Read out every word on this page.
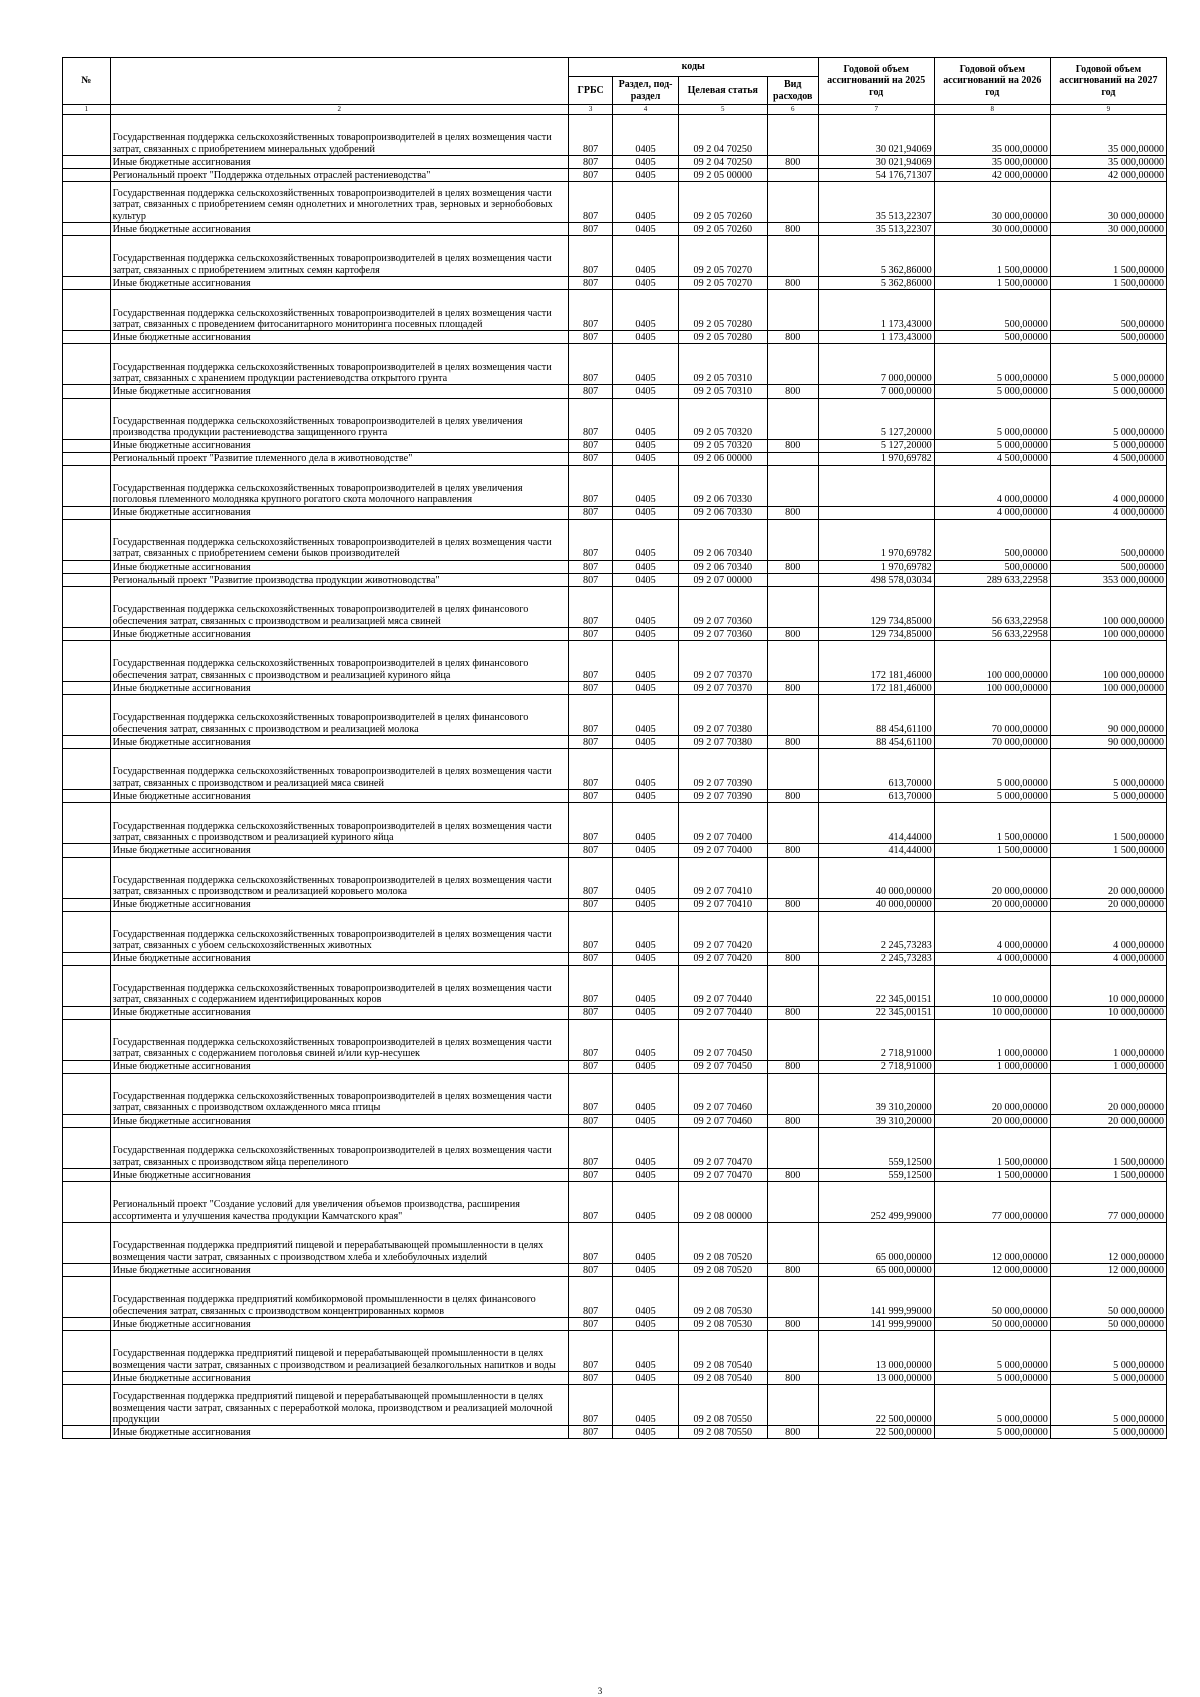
№		коды				Годовой объем ассигнований на 2025 год	Годовой объем ассигнований на 2026 год	Годовой объем ассигнований на 2027 год
		ГРБС	Раздел, под-раздел	Целевая статья	Вид расходов			
1	2	3	4	5	6	7	8	9
	Государственная поддержка сельскохозяйственных товаропроизводителей в целях возмещения части затрат, связанных с приобретением минеральных удобрений	807	0405	09 2 04 70250		30 021,94069	35 000,00000	35 000,00000
	Иные бюджетные ассигнования	807	0405	09 2 04 70250	800	30 021,94069	35 000,00000	35 000,00000
	Региональный проект "Поддержка отдельных отраслей растениеводства"	807	0405	09 2 05 00000		54 176,71307	42 000,00000	42 000,00000
	Государственная поддержка сельскохозяйственных товаропроизводителей в целях возмещения части затрат, связанных с приобретением семян однолетних и многолетних трав, зерновых и зернобобовых культур	807	0405	09 2 05 70260		35 513,22307	30 000,00000	30 000,00000
	Иные бюджетные ассигнования	807	0405	09 2 05 70260	800	35 513,22307	30 000,00000	30 000,00000
	Государственная поддержка сельскохозяйственных товаропроизводителей в целях возмещения части затрат, связанных с приобретением элитных семян картофеля	807	0405	09 2 05 70270		5 362,86000	1 500,00000	1 500,00000
	Иные бюджетные ассигнования	807	0405	09 2 05 70270	800	5 362,86000	1 500,00000	1 500,00000
	Государственная поддержка сельскохозяйственных товаропроизводителей в целях возмещения части затрат, связанных с проведением фитосанитарного мониторинга посевных площадей	807	0405	09 2 05 70280		1 173,43000	500,00000	500,00000
	Иные бюджетные ассигнования	807	0405	09 2 05 70280	800	1 173,43000	500,00000	500,00000
	Государственная поддержка сельскохозяйственных товаропроизводителей в целях возмещения части затрат, связанных с хранением продукции растениеводства открытого грунта	807	0405	09 2 05 70310		7 000,00000	5 000,00000	5 000,00000
	Иные бюджетные ассигнования	807	0405	09 2 05 70310	800	7 000,00000	5 000,00000	5 000,00000
	Государственная поддержка сельскохозяйственных товаропроизводителей в целях увеличения производства продукции растениеводства защищенного грунта	807	0405	09 2 05 70320		5 127,20000	5 000,00000	5 000,00000
	Иные бюджетные ассигнования	807	0405	09 2 05 70320	800	5 127,20000	5 000,00000	5 000,00000
	Региональный проект "Развитие племенного дела в животноводстве"	807	0405	09 2 06 00000		1 970,69782	4 500,00000	4 500,00000
	Государственная поддержка сельскохозяйственных товаропроизводителей в целях увеличения поголовья племенного молодняка крупного рогатого скота молочного направления	807	0405	09 2 06 70330			4 000,00000	4 000,00000
	Иные бюджетные ассигнования	807	0405	09 2 06 70330	800		4 000,00000	4 000,00000
	Государственная поддержка сельскохозяйственных товаропроизводителей в целях возмещения части затрат, связанных с приобретением семени быков производителей	807	0405	09 2 06 70340		1 970,69782	500,00000	500,00000
	Иные бюджетные ассигнования	807	0405	09 2 06 70340	800	1 970,69782	500,00000	500,00000
	Региональный проект "Развитие производства продукции животноводства"	807	0405	09 2 07 00000		498 578,03034	289 633,22958	353 000,00000
	Государственная поддержка сельскохозяйственных товаропроизводителей в целях финансового обеспечения затрат, связанных с производством и реализацией мяса свиней	807	0405	09 2 07 70360		129 734,85000	56 633,22958	100 000,00000
	Иные бюджетные ассигнования	807	0405	09 2 07 70360	800	129 734,85000	56 633,22958	100 000,00000
	Государственная поддержка сельскохозяйственных товаропроизводителей в целях финансового обеспечения затрат, связанных с производством и реализацией куриного яйца	807	0405	09 2 07 70370		172 181,46000	100 000,00000	100 000,00000
	Иные бюджетные ассигнования	807	0405	09 2 07 70370	800	172 181,46000	100 000,00000	100 000,00000
	Государственная поддержка сельскохозяйственных товаропроизводителей в целях финансового обеспечения затрат, связанных с производством и реализацией молока	807	0405	09 2 07 70380		88 454,61100	70 000,00000	90 000,00000
	Иные бюджетные ассигнования	807	0405	09 2 07 70380	800	88 454,61100	70 000,00000	90 000,00000
	Государственная поддержка сельскохозяйственных товаропроизводителей в целях возмещения части затрат, связанных с производством и реализацией мяса свиней	807	0405	09 2 07 70390		613,70000	5 000,00000	5 000,00000
	Иные бюджетные ассигнования	807	0405	09 2 07 70390	800	613,70000	5 000,00000	5 000,00000
	Государственная поддержка сельскохозяйственных товаропроизводителей в целях возмещения части затрат, связанных с производством и реализацией куриного яйца	807	0405	09 2 07 70400		414,44000	1 500,00000	1 500,00000
	Иные бюджетные ассигнования	807	0405	09 2 07 70400	800	414,44000	1 500,00000	1 500,00000
	Государственная поддержка сельскохозяйственных товаропроизводителей в целях возмещения части затрат, связанных с производством и реализацией коровьего молока	807	0405	09 2 07 70410		40 000,00000	20 000,00000	20 000,00000
	Иные бюджетные ассигнования	807	0405	09 2 07 70410	800	40 000,00000	20 000,00000	20 000,00000
	Государственная поддержка сельскохозяйственных товаропроизводителей в целях возмещения части затрат, связанных с убоем сельскохозяйственных животных	807	0405	09 2 07 70420		2 245,73283	4 000,00000	4 000,00000
	Иные бюджетные ассигнования	807	0405	09 2 07 70420	800	2 245,73283	4 000,00000	4 000,00000
	Государственная поддержка сельскохозяйственных товаропроизводителей в целях возмещения части затрат, связанных с содержанием идентифицированных коров	807	0405	09 2 07 70440		22 345,00151	10 000,00000	10 000,00000
	Иные бюджетные ассигнования	807	0405	09 2 07 70440	800	22 345,00151	10 000,00000	10 000,00000
	Государственная поддержка сельскохозяйственных товаропроизводителей в целях возмещения части затрат, связанных с содержанием поголовья свиней и/или кур-несушек	807	0405	09 2 07 70450		2 718,91000	1 000,00000	1 000,00000
	Иные бюджетные ассигнования	807	0405	09 2 07 70450	800	2 718,91000	1 000,00000	1 000,00000
	Государственная поддержка сельскохозяйственных товаропроизводителей в целях возмещения части затрат, связанных с производством охлажденного мяса птицы	807	0405	09 2 07 70460		39 310,20000	20 000,00000	20 000,00000
	Иные бюджетные ассигнования	807	0405	09 2 07 70460	800	39 310,20000	20 000,00000	20 000,00000
	Государственная поддержка сельскохозяйственных товаропроизводителей в целях возмещения части затрат, связанных с производством яйца перепелиного	807	0405	09 2 07 70470		559,12500	1 500,00000	1 500,00000
	Иные бюджетные ассигнования	807	0405	09 2 07 70470	800	559,12500	1 500,00000	1 500,00000
	Региональный проект "Создание условий для увеличения объемов производства, расширения ассортимента и улучшения качества продукции Камчатского края"	807	0405	09 2 08 00000		252 499,99000	77 000,00000	77 000,00000
	Государственная поддержка предприятий пищевой и перерабатывающей промышленности в целях возмещения части затрат, связанных с производством хлеба и хлебобулочных изделий	807	0405	09 2 08 70520		65 000,00000	12 000,00000	12 000,00000
	Иные бюджетные ассигнования	807	0405	09 2 08 70520	800	65 000,00000	12 000,00000	12 000,00000
	Государственная поддержка предприятий комбикормовой промышленности в целях финансового обеспечения затрат, связанных с производством концентрированных кормов	807	0405	09 2 08 70530		141 999,99000	50 000,00000	50 000,00000
	Иные бюджетные ассигнования	807	0405	09 2 08 70530	800	141 999,99000	50 000,00000	50 000,00000
	Государственная поддержка предприятий пищевой и перерабатывающей промышленности в целях возмещения части затрат, связанных с производством и реализацией безалкогольных напитков и воды	807	0405	09 2 08 70540		13 000,00000	5 000,00000	5 000,00000
	Иные бюджетные ассигнования	807	0405	09 2 08 70540	800	13 000,00000	5 000,00000	5 000,00000
	Государственная поддержка предприятий пищевой и перерабатывающей промышленности в целях возмещения части затрат, связанных с переработкой молока, производством и реализацией молочной продукции	807	0405	09 2 08 70550		22 500,00000	5 000,00000	5 000,00000
	Иные бюджетные ассигнования	807	0405	09 2 08 70550	800	22 500,00000	5 000,00000	5 000,00000
3
